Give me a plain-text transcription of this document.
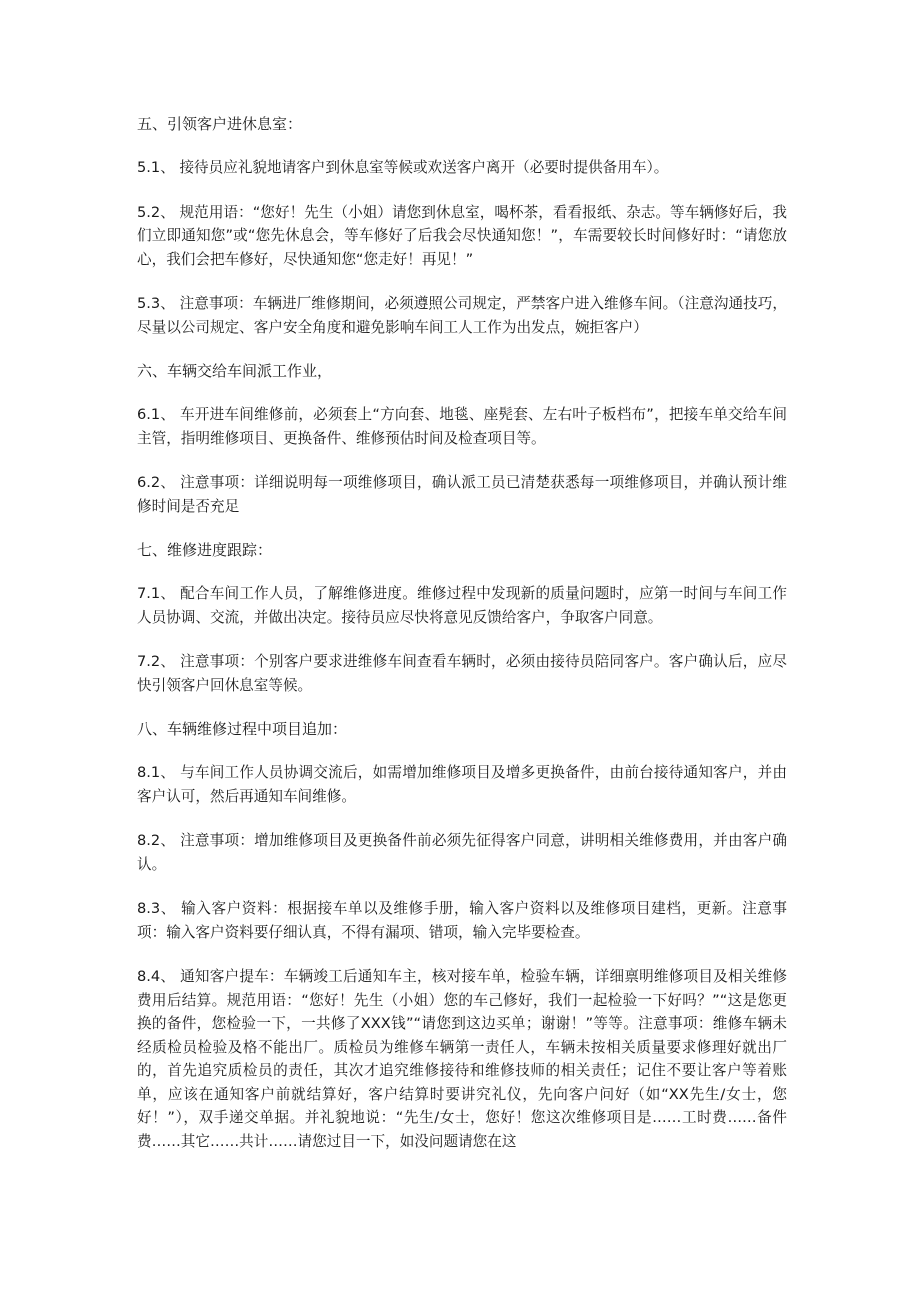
五、引领客户进休息室：

5.1、 接待员应礼貌地请客户到休息室等候或欢送客户离开（必要时提供备用车）。

5.2、 规范用语：“您好！先生（小姐）请您到休息室，喝杯茶，看看报纸、杂志。等车辆修好后，我们立即通知您”或“您先休息会，等车修好了后我会尽快通知您！”，车需要较长时间修好时：“请您放心，我们会把车修好，尽快通知您“您走好！再见！”

5.3、 注意事项：车辆进厂维修期间，必须遵照公司规定，严禁客户进入维修车间。（注意沟通技巧，尽量以公司规定、客户安全角度和避免影响车间工人工作为出发点，婉拒客户）

六、车辆交给车间派工作业，

6.1、 车开进车间维修前，必须套上“方向套、地毯、座髡套、左右叶子板档布”，把接车单交给车间主管，指明维修项目、更换备件、维修预估时间及检查项目等。

6.2、 注意事项：详细说明每一项维修项目，确认派工员已清楚获悉每一项维修项目，并确认预计维修时间是否充足

七、维修进度跟踪：

7.1、 配合车间工作人员，了解维修进度。维修过程中发现新的质量问题时，应第一时间与车间工作人员协调、交流，并做出决定。接待员应尽快将意见反馈给客户，争取客户同意。

7.2、 注意事项：个别客户要求进维修车间查看车辆时，必须由接待员陪同客户。客户确认后，应尽快引领客户回休息室等候。

八、车辆维修过程中项目追加：

8.1、 与车间工作人员协调交流后，如需增加维修项目及增多更换备件，由前台接待通知客户，并由客户认可，然后再通知车间维修。

8.2、 注意事项：增加维修项目及更换备件前必须先征得客户同意，讲明相关维修费用，并由客户确认。

8.3、 输入客户资料：根据接车单以及维修手册，输入客户资料以及维修项目建档，更新。注意事项：输入客户资料要仔细认真，不得有漏项、错项，输入完毕要检查。

8.4、 通知客户提车：车辆竣工后通知车主，核对接车单，检验车辆，详细禀明维修项目及相关维修费用后结算。规范用语：“您好！先生（小姐）您的车己修好，我们一起检验一下好吗？”“这是您更换的备件，您检验一下，一共修了XXX钱”“请您到这边买单；谢谢！”等等。注意事项：维修车辆未经质检员检验及格不能出厂。质检员为维修车辆第一责任人，车辆未按相关质量要求修理好就出厂的，首先追究质检员的责任，其次才追究维修接待和维修技师的相关责任；记住不要让客户等着账单，应该在通知客户前就结算好，客户结算时要讲究礼仪，先向客户问好（如“XX先生/女士，您好！”），双手递交单据。并礼貌地说：“先生/女士，您好！您这次维修项目是……工时费……备件费……其它……共计……请您过目一下，如没问题请您在这
